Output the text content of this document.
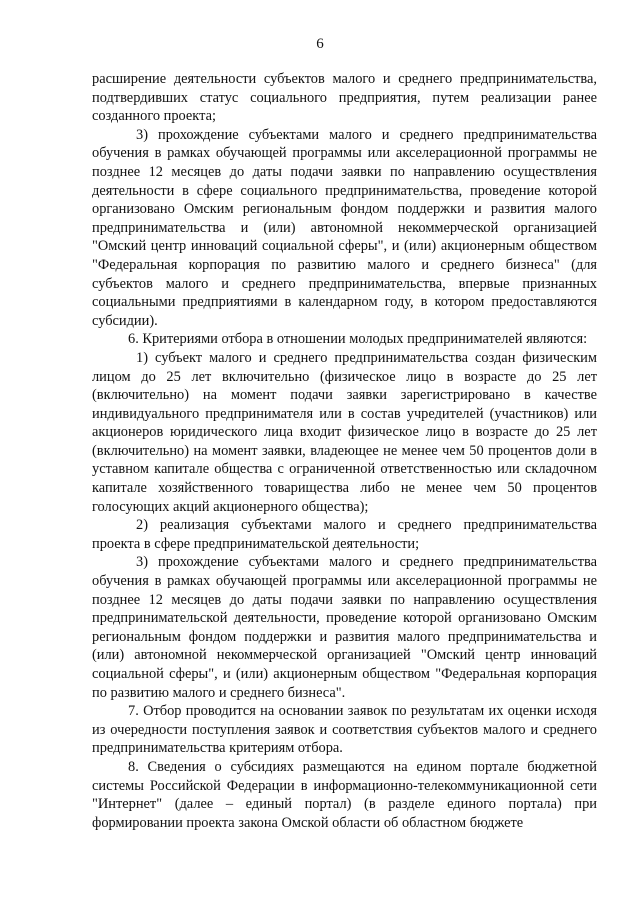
6

расширение деятельности субъектов малого и среднего предпринимательства, подтвердивших статус социального предприятия, путем реализации ранее созданного проекта;

3) прохождение субъектами малого и среднего предпринимательства обучения в рамках обучающей программы или акселерационной программы не позднее 12 месяцев до даты подачи заявки по направлению осуществления деятельности в сфере социального предпринимательства, проведение которой организовано Омским региональным фондом поддержки и развития малого предпринимательства и (или) автономной некоммерческой организацией "Омский центр инноваций социальной сферы", и (или) акционерным обществом "Федеральная корпорация по развитию малого и среднего бизнеса" (для субъектов малого и среднего предпринимательства, впервые признанных социальными предприятиями в календарном году, в котором предоставляются субсидии).

6. Критериями отбора в отношении молодых предпринимателей являются:

1) субъект малого и среднего предпринимательства создан физическим лицом до 25 лет включительно (физическое лицо в возрасте до 25 лет (включительно) на момент подачи заявки зарегистрировано в качестве индивидуального предпринимателя или в состав учредителей (участников) или акционеров юридического лица входит физическое лицо в возрасте до 25 лет (включительно) на момент заявки, владеющее не менее чем 50 процентов доли в уставном капитале общества с ограниченной ответственностью или складочном капитале хозяйственного товарищества либо не менее чем 50 процентов голосующих акций акционерного общества);

2) реализация субъектами малого и среднего предпринимательства проекта в сфере предпринимательской деятельности;

3) прохождение субъектами малого и среднего предпринимательства обучения в рамках обучающей программы или акселерационной программы не позднее 12 месяцев до даты подачи заявки по направлению осуществления предпринимательской деятельности, проведение которой организовано Омским региональным фондом поддержки и развития малого предпринимательства и (или) автономной некоммерческой организацией "Омский центр инноваций социальной сферы", и (или) акционерным обществом "Федеральная корпорация по развитию малого и среднего бизнеса".

7. Отбор проводится на основании заявок по результатам их оценки исходя из очередности поступления заявок и соответствия субъектов малого и среднего предпринимательства критериям отбора.

8. Сведения о субсидиях размещаются на едином портале бюджетной системы Российской Федерации в информационно-телекоммуникационной сети "Интернет" (далее – единый портал) (в разделе единого портала) при формировании проекта закона Омской области об областном бюджете
